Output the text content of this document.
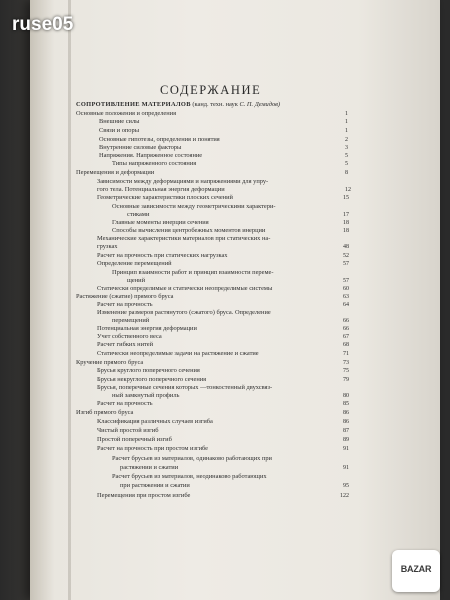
СОДЕРЖАНИЕ
СОПРОТИВЛЕНИЕ МАТЕРИАЛОВ (канд. техн. наук С. П. Демидов)
Основные положения и определения	1
Внешние силы	1
Связи и опоры	1
Основные гипотезы, определения и понятия	2
Внутренние силовые факторы	3
Напряжения. Напряженное состояние	5
Типы напряженного состояния	5
Перемещения и деформации	8
Зависимости между деформациями и напряжениями для упру-
гого тела. Потенциальная энергия деформации	12
Геометрические характеристики плоских сечений	15
Основные зависимости между геометрическими характери-
стиками	17
Главные моменты инерции сечения	18
Способы вычисления центробежных моментов инерции	18
Механические характеристики материалов при статических на-
грузках	48
Расчет на прочность при статических нагрузках	52
Определение перемещений	57
Принцип взаимности работ и принцип взаимности переме-
щений	57
Статически определимые и статически неопределимые системы	60
Растяжение (сжатие) прямого бруса	63
Расчет на прочность	64
Изменение размеров растянутого (сжатого) бруса. Определение
перемещений	66
Потенциальная энергия деформации	66
Учет собственного веса	67
Расчет гибких нитей	68
Статически неопределимые задачи на растяжение и сжатие	71
Кручение прямого бруса	73
Брусья круглого поперечного сечения	75
Брусья некруглого поперечного сечения	79
Брусья, поперечные сечения которых —тонкостенный двухсвяз-
ный замкнутый профиль	80
Расчет на прочность	85
Изгиб прямого бруса	86
Классификация различных случаев изгиба	86
Чистый простой изгиб	87
Простой поперечный изгиб	89
Расчет на прочность при простом изгибе	91
Расчет брусьев из материалов, одинаково работающих при
растяжении и сжатии	91
Расчет брусьев из материалов, неодинаково работающих
при растяжении и сжатии	95
Перемещения при простом изгибе	122
ruse05
BAZAR
